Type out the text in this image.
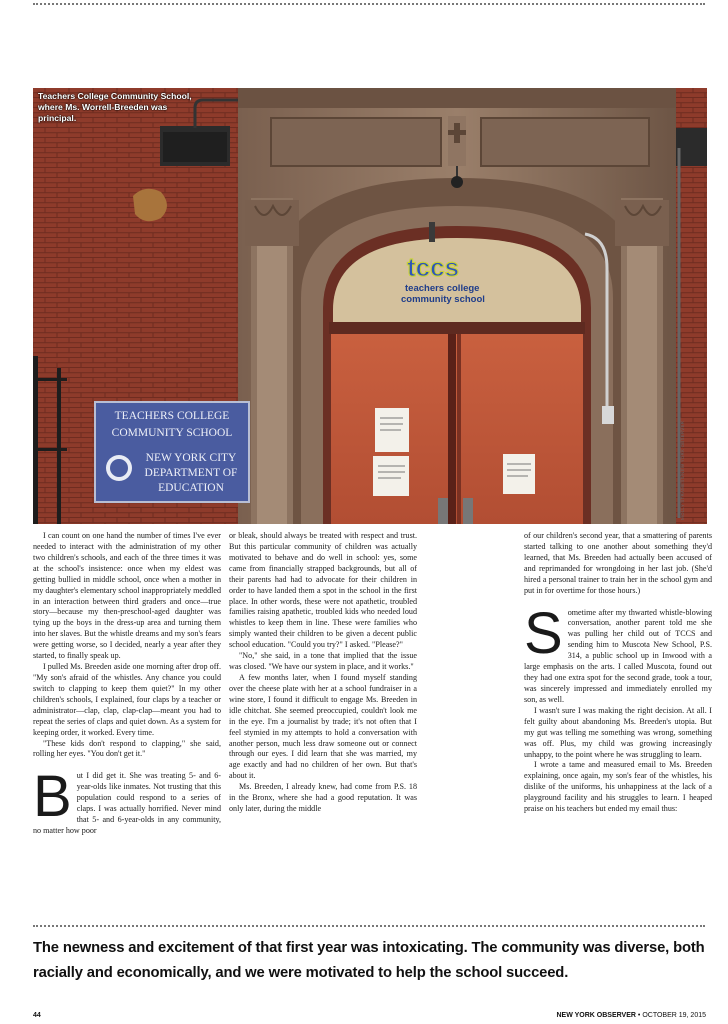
tccs
teachers college
community school
TEACHERS COLLEGE
COMMUNITY SCHOOL
NEW YORK CITY
DEPARTMENT OF
EDUCATION
Teachers College Community School, where Ms. Worrell-Breeden was principal.
MOLLY STRAMESS/NEW YORK OBSERVER

I can count on one hand the number of times I've ever needed to interact with the administration of my other two children's schools, and each of the three times it was at the school's insistence: once when my eldest was getting bullied in middle school, once when a mother in my daughter's elementary school inappropriately meddled in an interaction between third graders and once—true story—because my then-preschool-aged daughter was tying up the boys in the dress-up area and turning them into her slaves. But the whistle dreams and my son's fears were getting worse, so I decided, nearly a year after they started, to finally speak up.

I pulled Ms. Breeden aside one morning after drop off. "My son's afraid of the whistles. Any chance you could switch to clapping to keep them quiet?" In my other children's schools, I explained, four claps by a teacher or administrator—clap, clap, clap-clap—meant you had to repeat the series of claps and quiet down. As a system for keeping order, it worked. Every time.

"These kids don't respond to clapping," she said, rolling her eyes. "You don't get it."

But I did get it. She was treating 5- and 6-year-olds like inmates. Not trusting that this population could respond to a series of claps. I was actually horrified. Never mind that 5- and 6-year-olds in any community, no matter how poor

or bleak, should always be treated with respect and trust. But this particular community of children was actually motivated to behave and do well in school: yes, some came from financially strapped backgrounds, but all of their parents had had to advocate for their children in order to have landed them a spot in the school in the first place. In other words, these were not apathetic, troubled families raising apathetic, troubled kids who needed loud whistles to keep them in line. These were families who simply wanted their children to be given a decent public school education. "Could you try?" I asked. "Please?"

"No," she said, in a tone that implied that the issue was closed. "We have our system in place, and it works."

A few months later, when I found myself standing over the cheese plate with her at a school fundraiser in a wine store, I found it difficult to engage Ms. Breeden in idle chitchat. She seemed preoccupied, couldn't look me in the eye. I'm a journalist by trade; it's not often that I feel stymied in my attempts to hold a conversation with another person, much less draw someone out or connect through our eyes. I did learn that she was married, my age exactly and had no children of her own. But that's about it.

Ms. Breeden, I already knew, had come from P.S. 18 in the Bronx, where she had a good reputation. It was only later, during the middle

of our children's second year, that a smattering of parents started talking to one another about something they'd learned, that Ms. Breeden had actually been accused of and reprimanded for wrongdoing in her last job. (She'd hired a personal trainer to train her in the school gym and put in for overtime for those hours.)

Sometime after my thwarted whistle-blowing conversation, another parent told me she was pulling her child out of TCCS and sending him to Muscota New School, P.S. 314, a public school up in Inwood with a large emphasis on the arts. I called Muscota, found out they had one extra spot for the second grade, took a tour, was sincerely impressed and immediately enrolled my son, as well.

I wasn't sure I was making the right decision. At all. I felt guilty about abandoning Ms. Breeden's utopia. But my gut was telling me something was wrong, something was off. Plus, my child was growing increasingly unhappy, to the point where he was struggling to learn.

I wrote a tame and measured email to Ms. Breeden explaining, once again, my son's fear of the whistles, his dislike of the uniforms, his unhappiness at the lack of a playground facility and his struggles to learn. I heaped praise on his teachers but ended my email thus:

The newness and excitement of that first year was intoxicating. The community was diverse, both racially and economically, and we were motivated to help the school succeed.
44	NEW YORK OBSERVER • OCTOBER 19, 2015
